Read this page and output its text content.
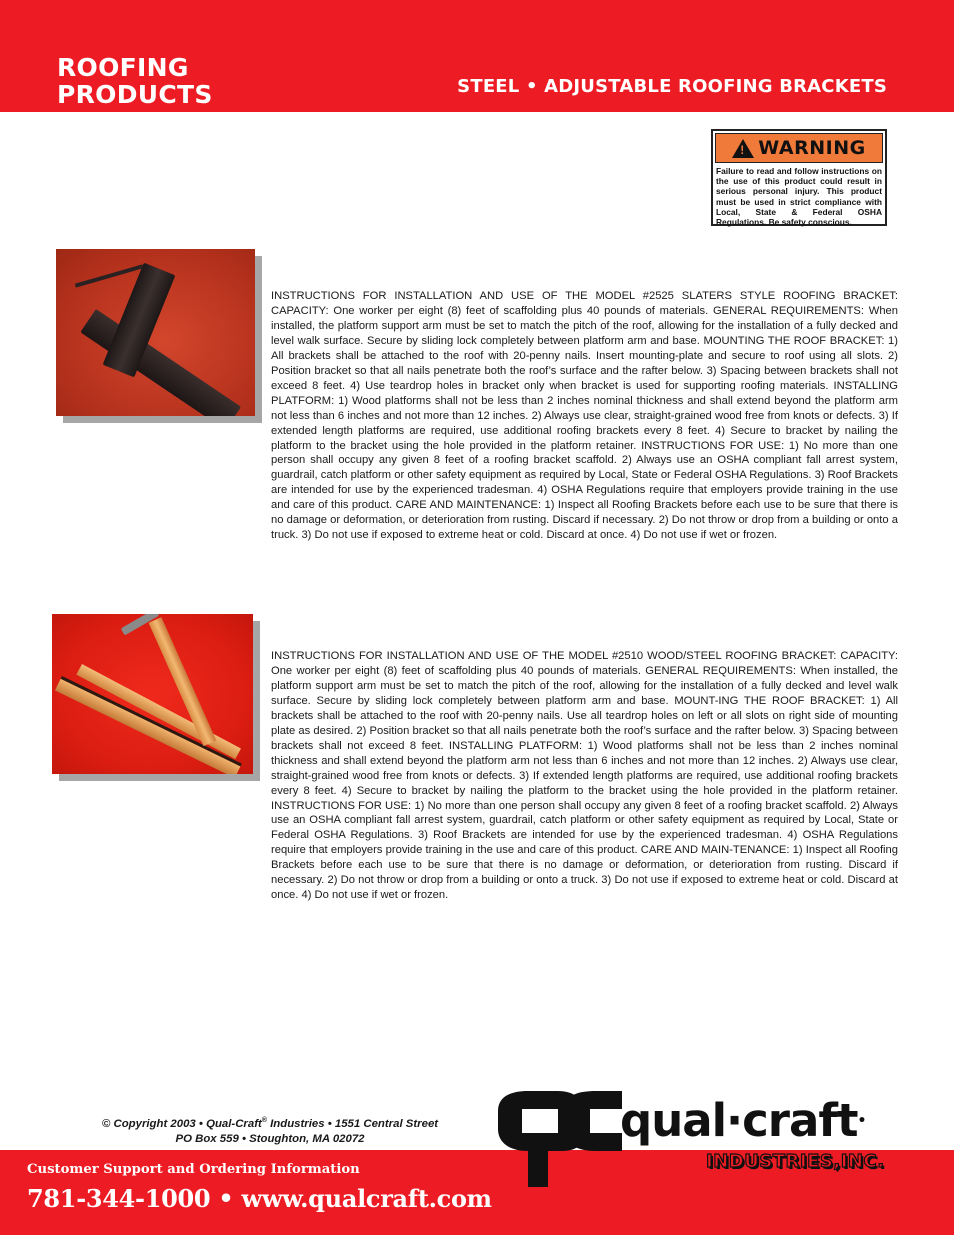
ROOFING
PRODUCTS	STEEL • ADJUSTABLE ROOFING BRACKETS
! WARNING
Failure to read and follow instructions on the use of this product could result in serious personal injury. This product must be used in strict compliance with Local, State & Federal OSHA Regulations. Be safety conscious.
INSTRUCTIONS FOR INSTALLATION AND USE OF THE MODEL #2525 SLATERS STYLE ROOFING BRACKET: CAPACITY: One worker per eight (8) feet of scaffolding plus 40 pounds of materials. GENERAL REQUIREMENTS: When installed, the platform support arm must be set to match the pitch of the roof, allowing for the installation of a fully decked and level walk surface. Secure by sliding lock completely between platform arm and base. MOUNTING THE ROOF BRACKET: 1) All brackets shall be attached to the roof with 20-penny nails. Insert mounting-plate and secure to roof using all slots. 2) Position bracket so that all nails penetrate both the roof’s surface and the rafter below. 3) Spacing between brackets shall not exceed 8 feet. 4) Use teardrop holes in bracket only when bracket is used for supporting roofing materials. INSTALLING PLATFORM: 1) Wood platforms shall not be less than 2 inches nominal thickness and shall extend beyond the platform arm not less than 6 inches and not more than 12 inches. 2) Always use clear, straight-grained wood free from knots or defects. 3) If extended length platforms are required, use additional roofing brackets every 8 feet. 4) Secure to bracket by nailing the platform to the bracket using the hole provided in the platform retainer. INSTRUCTIONS FOR USE: 1) No more than one person shall occupy any given 8 feet of a roofing bracket scaffold. 2) Always use an OSHA compliant fall arrest system, guardrail, catch platform or other safety equipment as required by Local, State or Federal OSHA Regulations. 3) Roof Brackets are intended for use by the experienced tradesman. 4) OSHA Regulations require that employers provide training in the use and care of this product. CARE AND MAINTENANCE: 1) Inspect all Roofing Brackets before each use to be sure that there is no damage or deformation, or deterioration from rusting. Discard if necessary. 2) Do not throw or drop from a building or onto a truck. 3) Do not use if exposed to extreme heat or cold. Discard at once. 4) Do not use if wet or frozen.
INSTRUCTIONS FOR INSTALLATION AND USE OF THE MODEL #2510 WOOD/STEEL ROOFING BRACKET: CAPACITY: One worker per eight (8) feet of scaffolding plus 40 pounds of materials. GENERAL REQUIREMENTS: When installed, the platform support arm must be set to match the pitch of the roof, allowing for the installation of a fully decked and level walk surface. Secure by sliding lock completely between platform arm and base. MOUNT-ING THE ROOF BRACKET: 1) All brackets shall be attached to the roof with 20-penny nails. Use all teardrop holes on left or all slots on right side of mounting plate as desired. 2) Position bracket so that all nails penetrate both the roof’s surface and the rafter below. 3) Spacing between brackets shall not exceed 8 feet. INSTALLING PLATFORM: 1) Wood platforms shall not be less than 2 inches nominal thickness and shall extend beyond the platform arm not less than 6 inches and not more than 12 inches. 2) Always use clear, straight-grained wood free from knots or defects. 3) If extended length platforms are required, use additional roofing brackets every 8 feet. 4) Secure to bracket by nailing the platform to the bracket using the hole provided in the platform retainer. INSTRUCTIONS FOR USE: 1) No more than one person shall occupy any given 8 feet of a roofing bracket scaffold. 2) Always use an OSHA compliant fall arrest system, guardrail, catch platform or other safety equipment as required by Local, State or Federal OSHA Regulations. 3) Roof Brackets are intended for use by the experienced tradesman. 4) OSHA Regulations require that employers provide training in the use and care of this product. CARE AND MAIN-TENANCE: 1) Inspect all Roofing Brackets before each use to be sure that there is no damage or deformation, or deterioration from rusting. Discard if necessary. 2) Do not throw or drop from a building or onto a truck. 3) Do not use if exposed to extreme heat or cold. Discard at once. 4) Do not use if wet or frozen.
© Copyright 2003 • Qual-Craft® Industries • 1551 Central Street
PO Box 559 • Stoughton, MA 02072
Customer Support and Ordering Information
781-344-1000 • www.qualcraft.com
qual·craft•
INDUSTRIES,INC.
